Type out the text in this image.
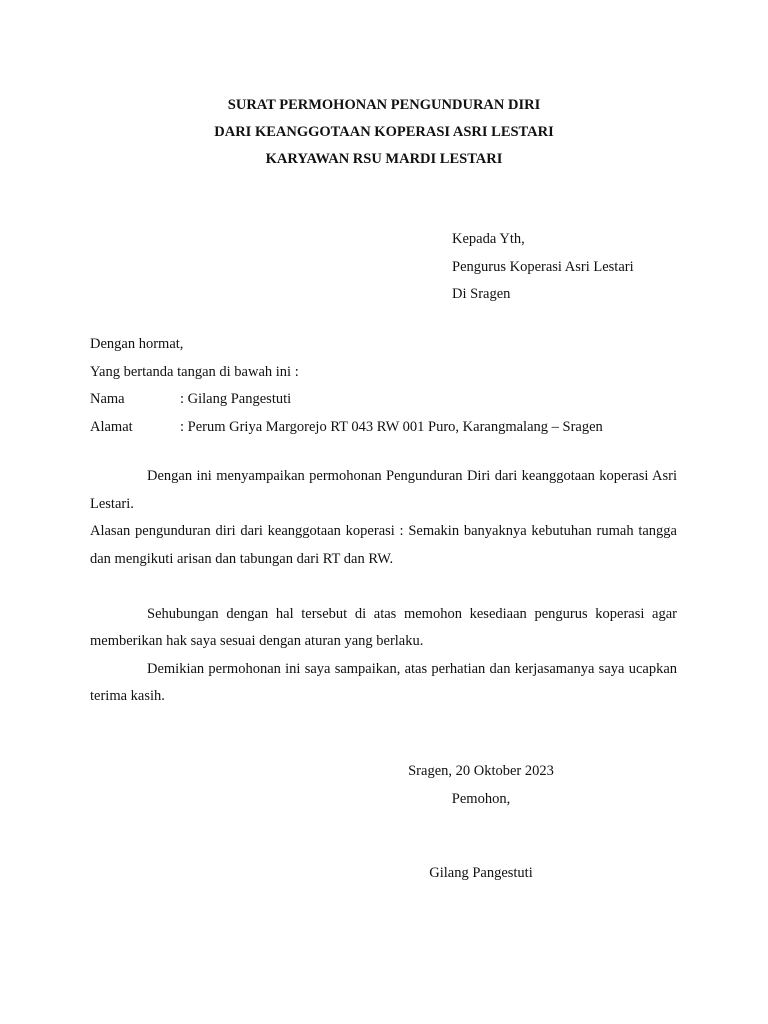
SURAT PERMOHONAN PENGUNDURAN DIRI
DARI KEANGGOTAAN KOPERASI ASRI LESTARI
KARYAWAN RSU MARDI LESTARI
Kepada Yth,
Pengurus Koperasi Asri Lestari
Di Sragen
Dengan hormat,
Yang bertanda tangan di bawah ini :
Nama	: Gilang Pangestuti
Alamat	: Perum Griya Margorejo RT 043 RW 001 Puro, Karangmalang – Sragen

Dengan ini menyampaikan permohonan Pengunduran Diri dari keanggotaan koperasi Asri Lestari.

Alasan pengunduran diri dari keanggotaan koperasi : Semakin banyaknya kebutuhan rumah tangga dan mengikuti arisan dan tabungan dari RT dan RW.

Sehubungan dengan hal tersebut di atas memohon kesediaan pengurus koperasi agar memberikan hak saya sesuai dengan aturan yang berlaku.

Demikian permohonan ini saya sampaikan, atas perhatian dan kerjasamanya saya ucapkan terima kasih.

Sragen, 20 Oktober 2023
Pemohon,
Gilang Pangestuti
